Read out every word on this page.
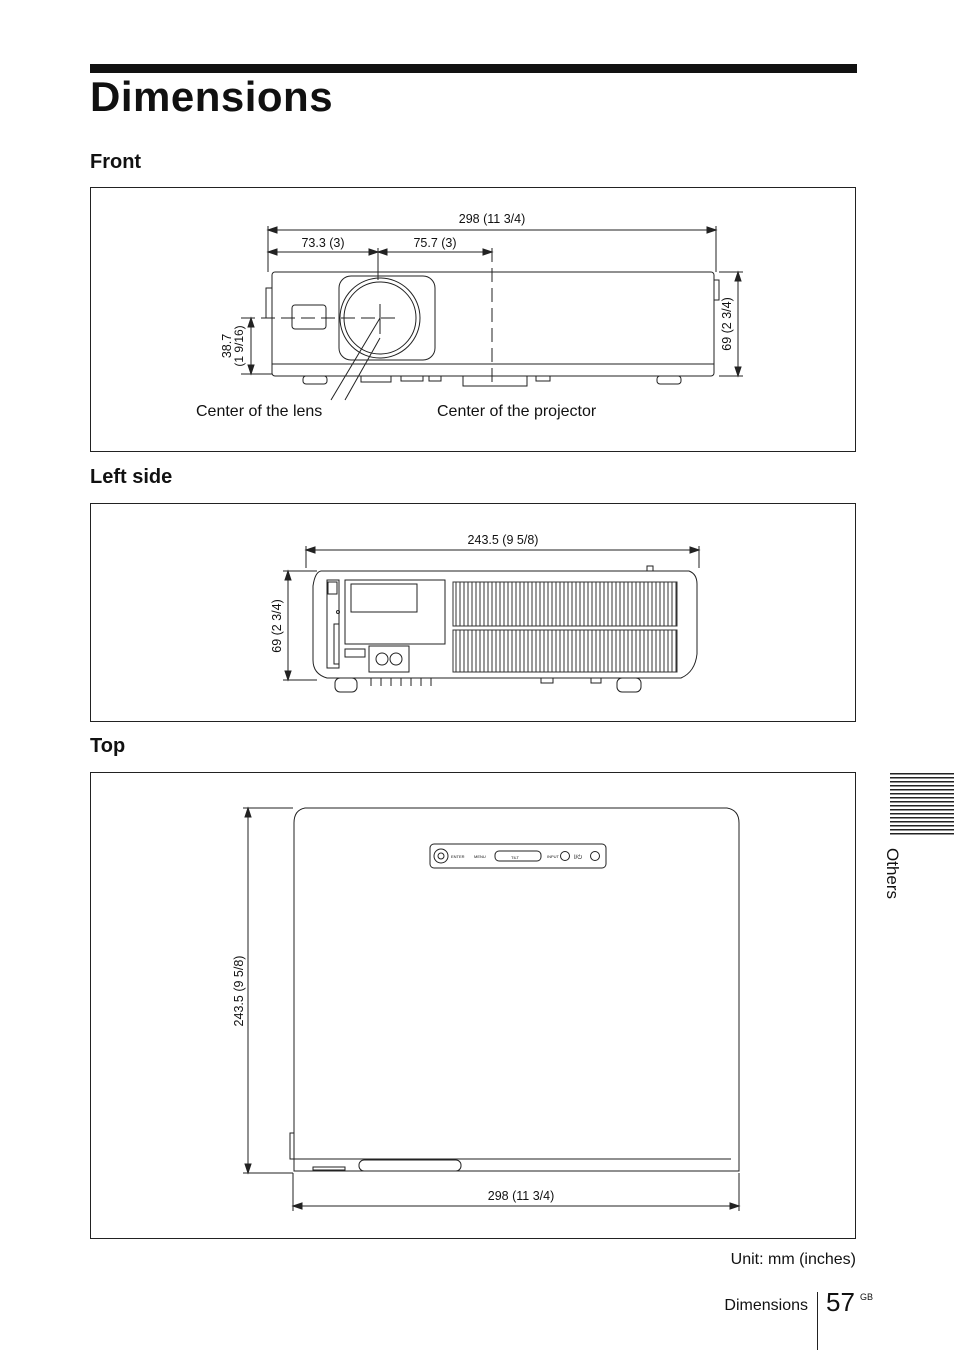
Dimensions
Front
298 (11 3/4)
73.3 (3)	75.7 (3)
69 (2 3/4)
38.7
(1 9/16)
Center of the lens	Center of the projector
Left side
243.5 (9 5/8)
69 (2 3/4)
Top
ENTER MENU	TILT	INPUT	I/⏻
243.5 (9 5/8)
298 (11 3/4)
Others
Unit: mm (inches)
Dimensions 57 GB
